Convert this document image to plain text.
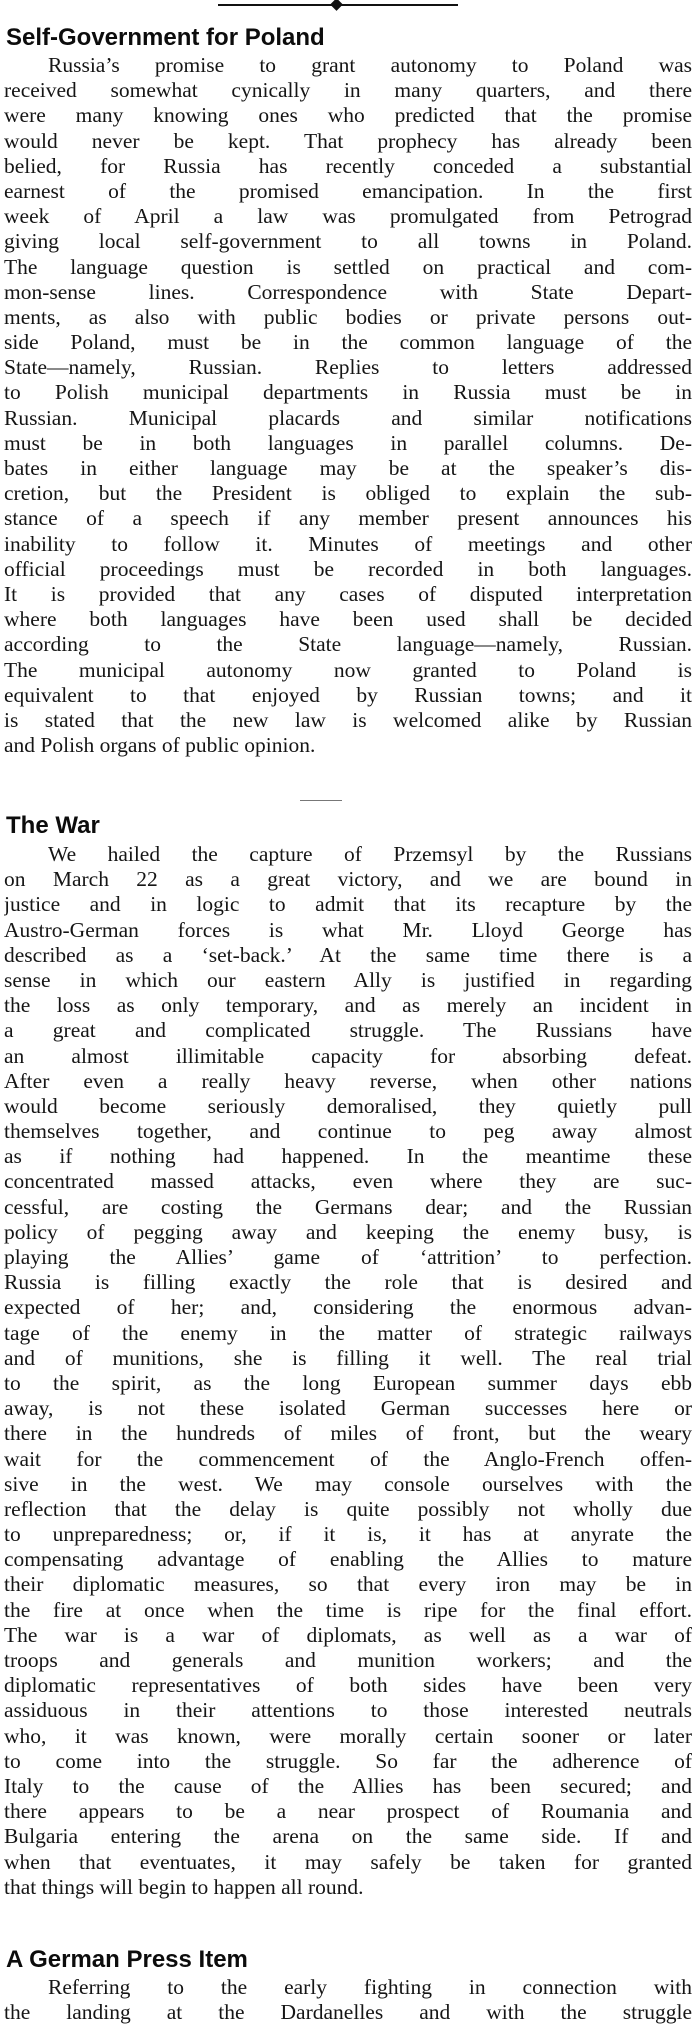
Self-Government for Poland
Russia’s promise to grant autonomy to Poland was
received somewhat cynically in many quarters, and there
were many knowing ones who predicted that the promise
would never be kept. That prophecy has already been
belied, for Russia has recently conceded a substantial
earnest of the promised emancipation. In the first
week of April a law was promulgated from Petrograd
giving local self-government to all towns in Poland.
The language question is settled on practical and com-
mon-sense lines. Correspondence with State Depart-
ments, as also with public bodies or private persons out-
side Poland, must be in the common language of the
State—namely, Russian. Replies to letters addressed
to Polish municipal departments in Russia must be in
Russian. Municipal placards and similar notifications
must be in both languages in parallel columns. De-
bates in either language may be at the speaker’s dis-
cretion, but the President is obliged to explain the sub-
stance of a speech if any member present announces his
inability to follow it. Minutes of meetings and other
official proceedings must be recorded in both languages.
It is provided that any cases of disputed interpretation
where both languages have been used shall be decided
according to the State language—namely, Russian.
The municipal autonomy now granted to Poland is
equivalent to that enjoyed by Russian towns; and it
is stated that the new law is welcomed alike by Russian
and Polish organs of public opinion.
The War
We hailed the capture of Przemsyl by the Russians
on March 22 as a great victory, and we are bound in
justice and in logic to admit that its recapture by the
Austro-German forces is what Mr. Lloyd George has
described as a ‘set-back.’ At the same time there is a
sense in which our eastern Ally is justified in regarding
the loss as only temporary, and as merely an incident in
a great and complicated struggle. The Russians have
an almost illimitable capacity for absorbing defeat.
After even a really heavy reverse, when other nations
would become seriously demoralised, they quietly pull
themselves together, and continue to peg away almost
as if nothing had happened. In the meantime these
concentrated massed attacks, even where they are suc-
cessful, are costing the Germans dear; and the Russian
policy of pegging away and keeping the enemy busy, is
playing the Allies’ game of ‘attrition’ to perfection.
Russia is filling exactly the role that is desired and
expected of her; and, considering the enormous advan-
tage of the enemy in the matter of strategic railways
and of munitions, she is filling it well. The real trial
to the spirit, as the long European summer days ebb
away, is not these isolated German successes here or
there in the hundreds of miles of front, but the weary
wait for the commencement of the Anglo-French offen-
sive in the west. We may console ourselves with the
reflection that the delay is quite possibly not wholly due
to unpreparedness; or, if it is, it has at anyrate the
compensating advantage of enabling the Allies to mature
their diplomatic measures, so that every iron may be in
the fire at once when the time is ripe for the final effort.
The war is a war of diplomats, as well as a war of
troops and generals and munition workers; and the
diplomatic representatives of both sides have been very
assiduous in their attentions to those interested neutrals
who, it was known, were morally certain sooner or later
to come into the struggle. So far the adherence of
Italy to the cause of the Allies has been secured; and
there appears to be a near prospect of Roumania and
Bulgaria entering the arena on the same side. If and
when that eventuates, it may safely be taken for granted
that things will begin to happen all round.
A German Press Item
Referring to the early fighting in connection with
the landing at the Dardanelles and with the struggle
